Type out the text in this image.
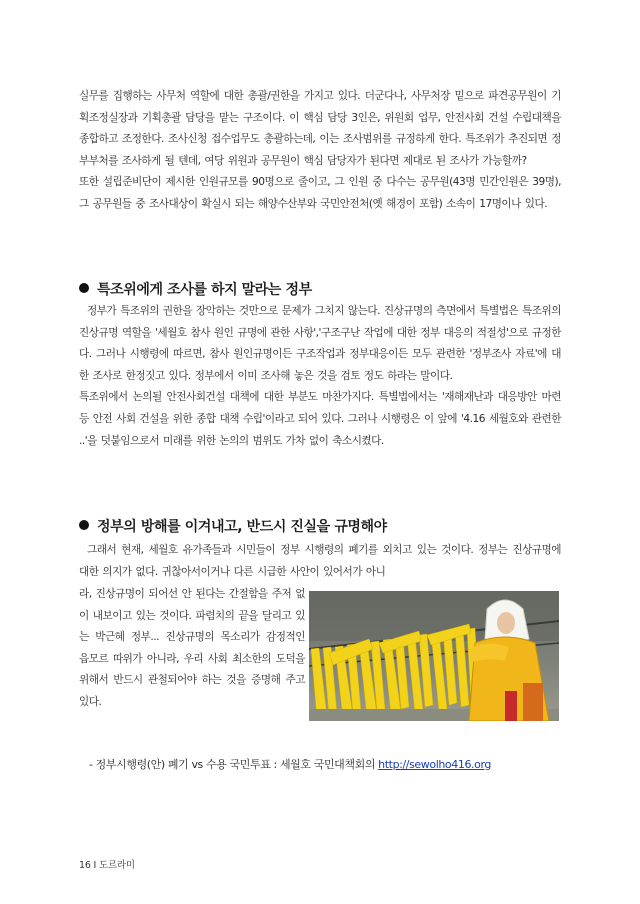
실무를 집행하는 사무처 역할에 대한 총괄/권한을 가지고 있다. 더군다나, 사무처장 밑으로 파견공무원이 기획조정실장과 기획총괄 담당을 맡는 구조이다. 이 핵심 담당 3인은, 위원회 업무, 안전사회 건설 수립대책을 종합하고 조정한다. 조사신청 접수업무도 총괄하는데, 이는 조사범위를 규정하게 한다. 특조위가 추진되면 정부부처를 조사하게 될 텐데, 여당 위원과 공무원이 핵심 담당자가 된다면 제대로 된 조사가 가능할까?

또한 설립준비단이 제시한 인원규모를 90명으로 줄이고, 그 인원 중 다수는 공무원(43명 민간인원은 39명), 그 공무원들 중 조사대상이 확실시 되는 해양수산부와 국민안전처(옛 해경이 포함) 소속이 17명이나 있다.

특조위에게 조사를 하지 말라는 정부

정부가 특조위의 권한을 장악하는 것만으로 문제가 그치지 않는다. 진상규명의 측면에서 특별법은 특조위의 진상규명 역할을 '세월호 참사 원인 규명에 관한 사항','구조구난 작업에 대한 정부 대응의 적절성'으로 규정한다. 그러나 시행령에 따르면, 참사 원인규명이든 구조작업과 정부대응이든 모두 관련한 '정부조사 자료'에 대한 조사로 한정짓고 있다. 정부에서 이미 조사해 놓은 것을 검토 정도 하라는 말이다.

특조위에서 논의될 안전사회건설 대책에 대한 부분도 마찬가지다. 특별법에서는 '재해재난과 대응방안 마련 등 안전 사회 건설을 위한 종합 대책 수립'이라고 되어 있다. 그러나 시행령은 이 앞에 '4.16 세월호와 관련한 ..'을 덧붙임으로서 미래를 위한 논의의 범위도 가차 없이 축소시켰다.

정부의 방해를 이겨내고, 반드시 진실을 규명해야

그래서 현재, 세월호 유가족들과 시민들이 정부 시행령의 폐기를 외치고 있는 것이다. 정부는 진상규명에 대한 의지가 없다. 귀찮아서이거나 다른 시급한 사안이 있어서가 아니

라, 진상규명이 되어선 안 된다는 간절함을 주저 없이 내보이고 있는 것이다. 파렴치의 끝을 달리고 있는 박근혜 정부... 진상규명의 목소리가 감정적인 읍모르 따위가 아니라, 우리 사회 최소한의 도덕을 위해서 반드시 관철되어야 하는 것을 증명해 주고 있다.

- 정부시행령(안) 폐기 vs 수용 국민투표 : 세월호 국민대책회의 http://sewolho416.org
16 I 도르라미
